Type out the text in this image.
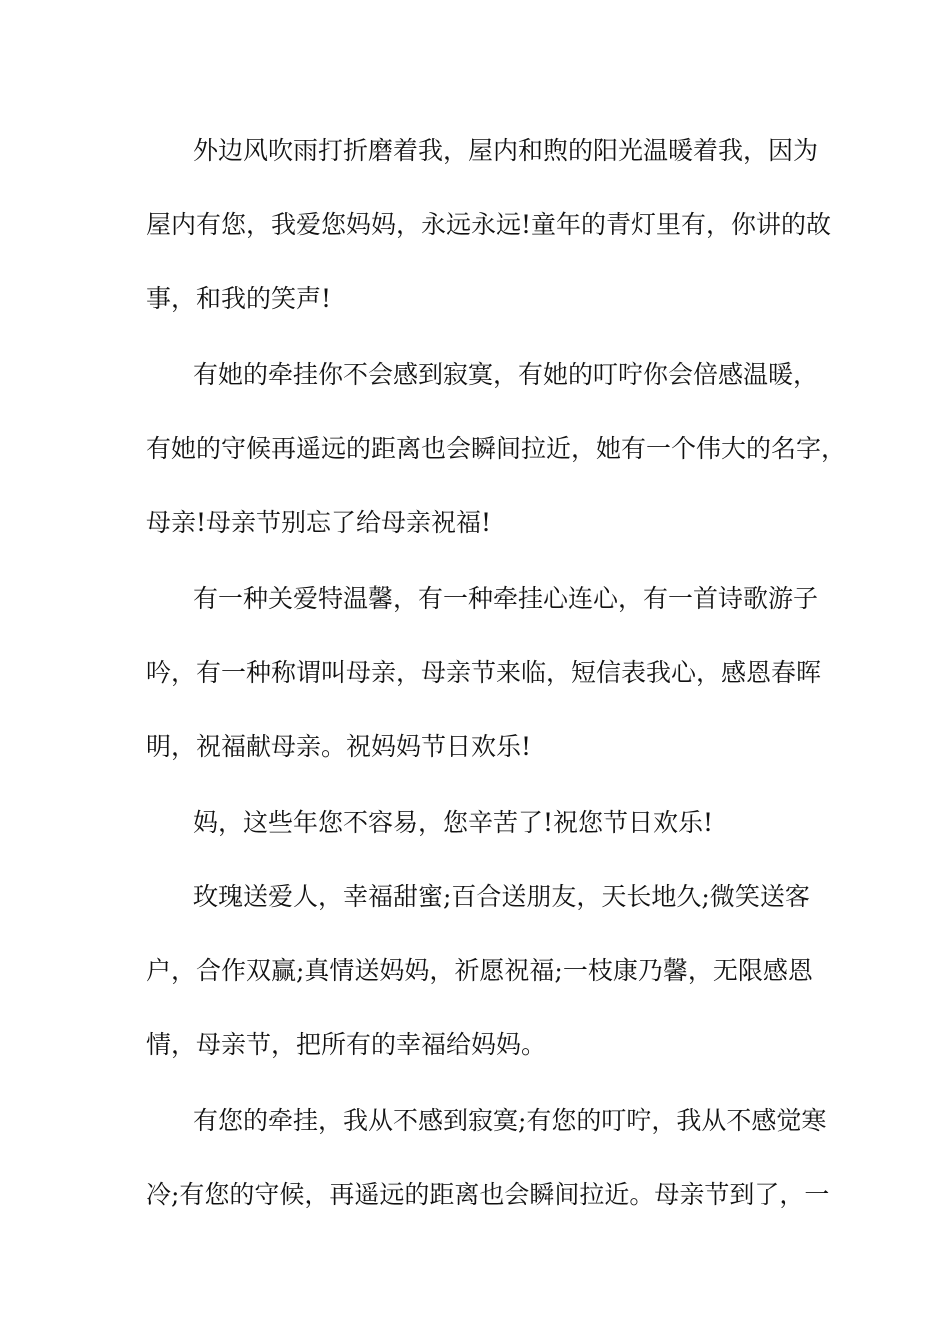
外边风吹雨打折磨着我，屋内和煦的阳光温暖着我，因为
屋内有您，我爱您妈妈，永远永远!童年的青灯里有，你讲的故
事，和我的笑声!
有她的牵挂你不会感到寂寞，有她的叮咛你会倍感温暖，
有她的守候再遥远的距离也会瞬间拉近，她有一个伟大的名字，
母亲!母亲节别忘了给母亲祝福!
有一种关爱特温馨，有一种牵挂心连心，有一首诗歌游子
吟，有一种称谓叫母亲，母亲节来临，短信表我心，感恩春晖
明，祝福献母亲。祝妈妈节日欢乐!
妈，这些年您不容易，您辛苦了!祝您节日欢乐!
玫瑰送爱人，幸福甜蜜;百合送朋友，天长地久;微笑送客
户，合作双赢;真情送妈妈，祈愿祝福;一枝康乃馨，无限感恩
情，母亲节，把所有的幸福给妈妈。
有您的牵挂，我从不感到寂寞;有您的叮咛，我从不感觉寒
冷;有您的守候，再遥远的距离也会瞬间拉近。母亲节到了，一
